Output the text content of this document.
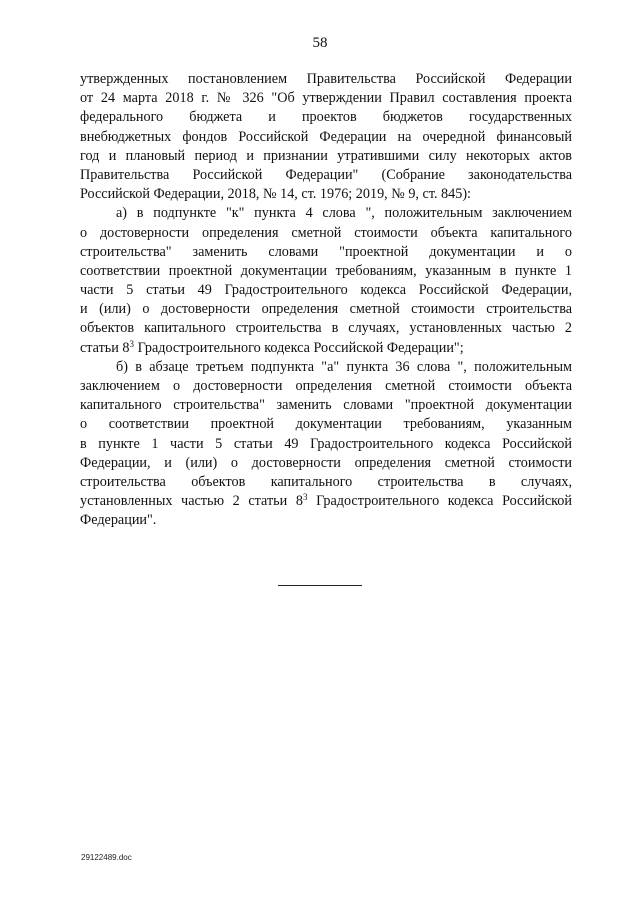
58
утвержденных постановлением Правительства Российской Федерации
от 24 марта 2018 г. № 326 "Об утверждении Правил составления проекта
федерального бюджета и проектов бюджетов государственных
внебюджетных фондов Российской Федерации на очередной финансовый
год и плановый период и признании утратившими силу некоторых актов
Правительства Российской Федерации" (Собрание законодательства
Российской Федерации, 2018, № 14, ст. 1976; 2019, № 9, ст. 845):
а) в подпункте "к" пункта 4 слова ", положительным заключением
о достоверности определения сметной стоимости объекта капитального
строительства" заменить словами "проектной документации и о
соответствии проектной документации требованиям, указанным в пункте 1
части 5 статьи 49 Градостроительного кодекса Российской Федерации,
и (или) о достоверности определения сметной стоимости строительства
объектов капитального строительства в случаях, установленных частью 2
статьи $8^3$ Градостроительного кодекса Российской Федерации";
б) в абзаце третьем подпункта "а" пункта 36 слова ", положительным
заключением о достоверности определения сметной стоимости объекта
капитального строительства" заменить словами "проектной документации
о соответствии проектной документации требованиям, указанным
в пункте 1 части 5 статьи 49 Градостроительного кодекса Российской
Федерации, и (или) о достоверности определения сметной стоимости
строительства объектов капитального строительства в случаях,
установленных частью 2 статьи $8^3$ Градостроительного кодекса Российской
Федерации".
29122489.doc
